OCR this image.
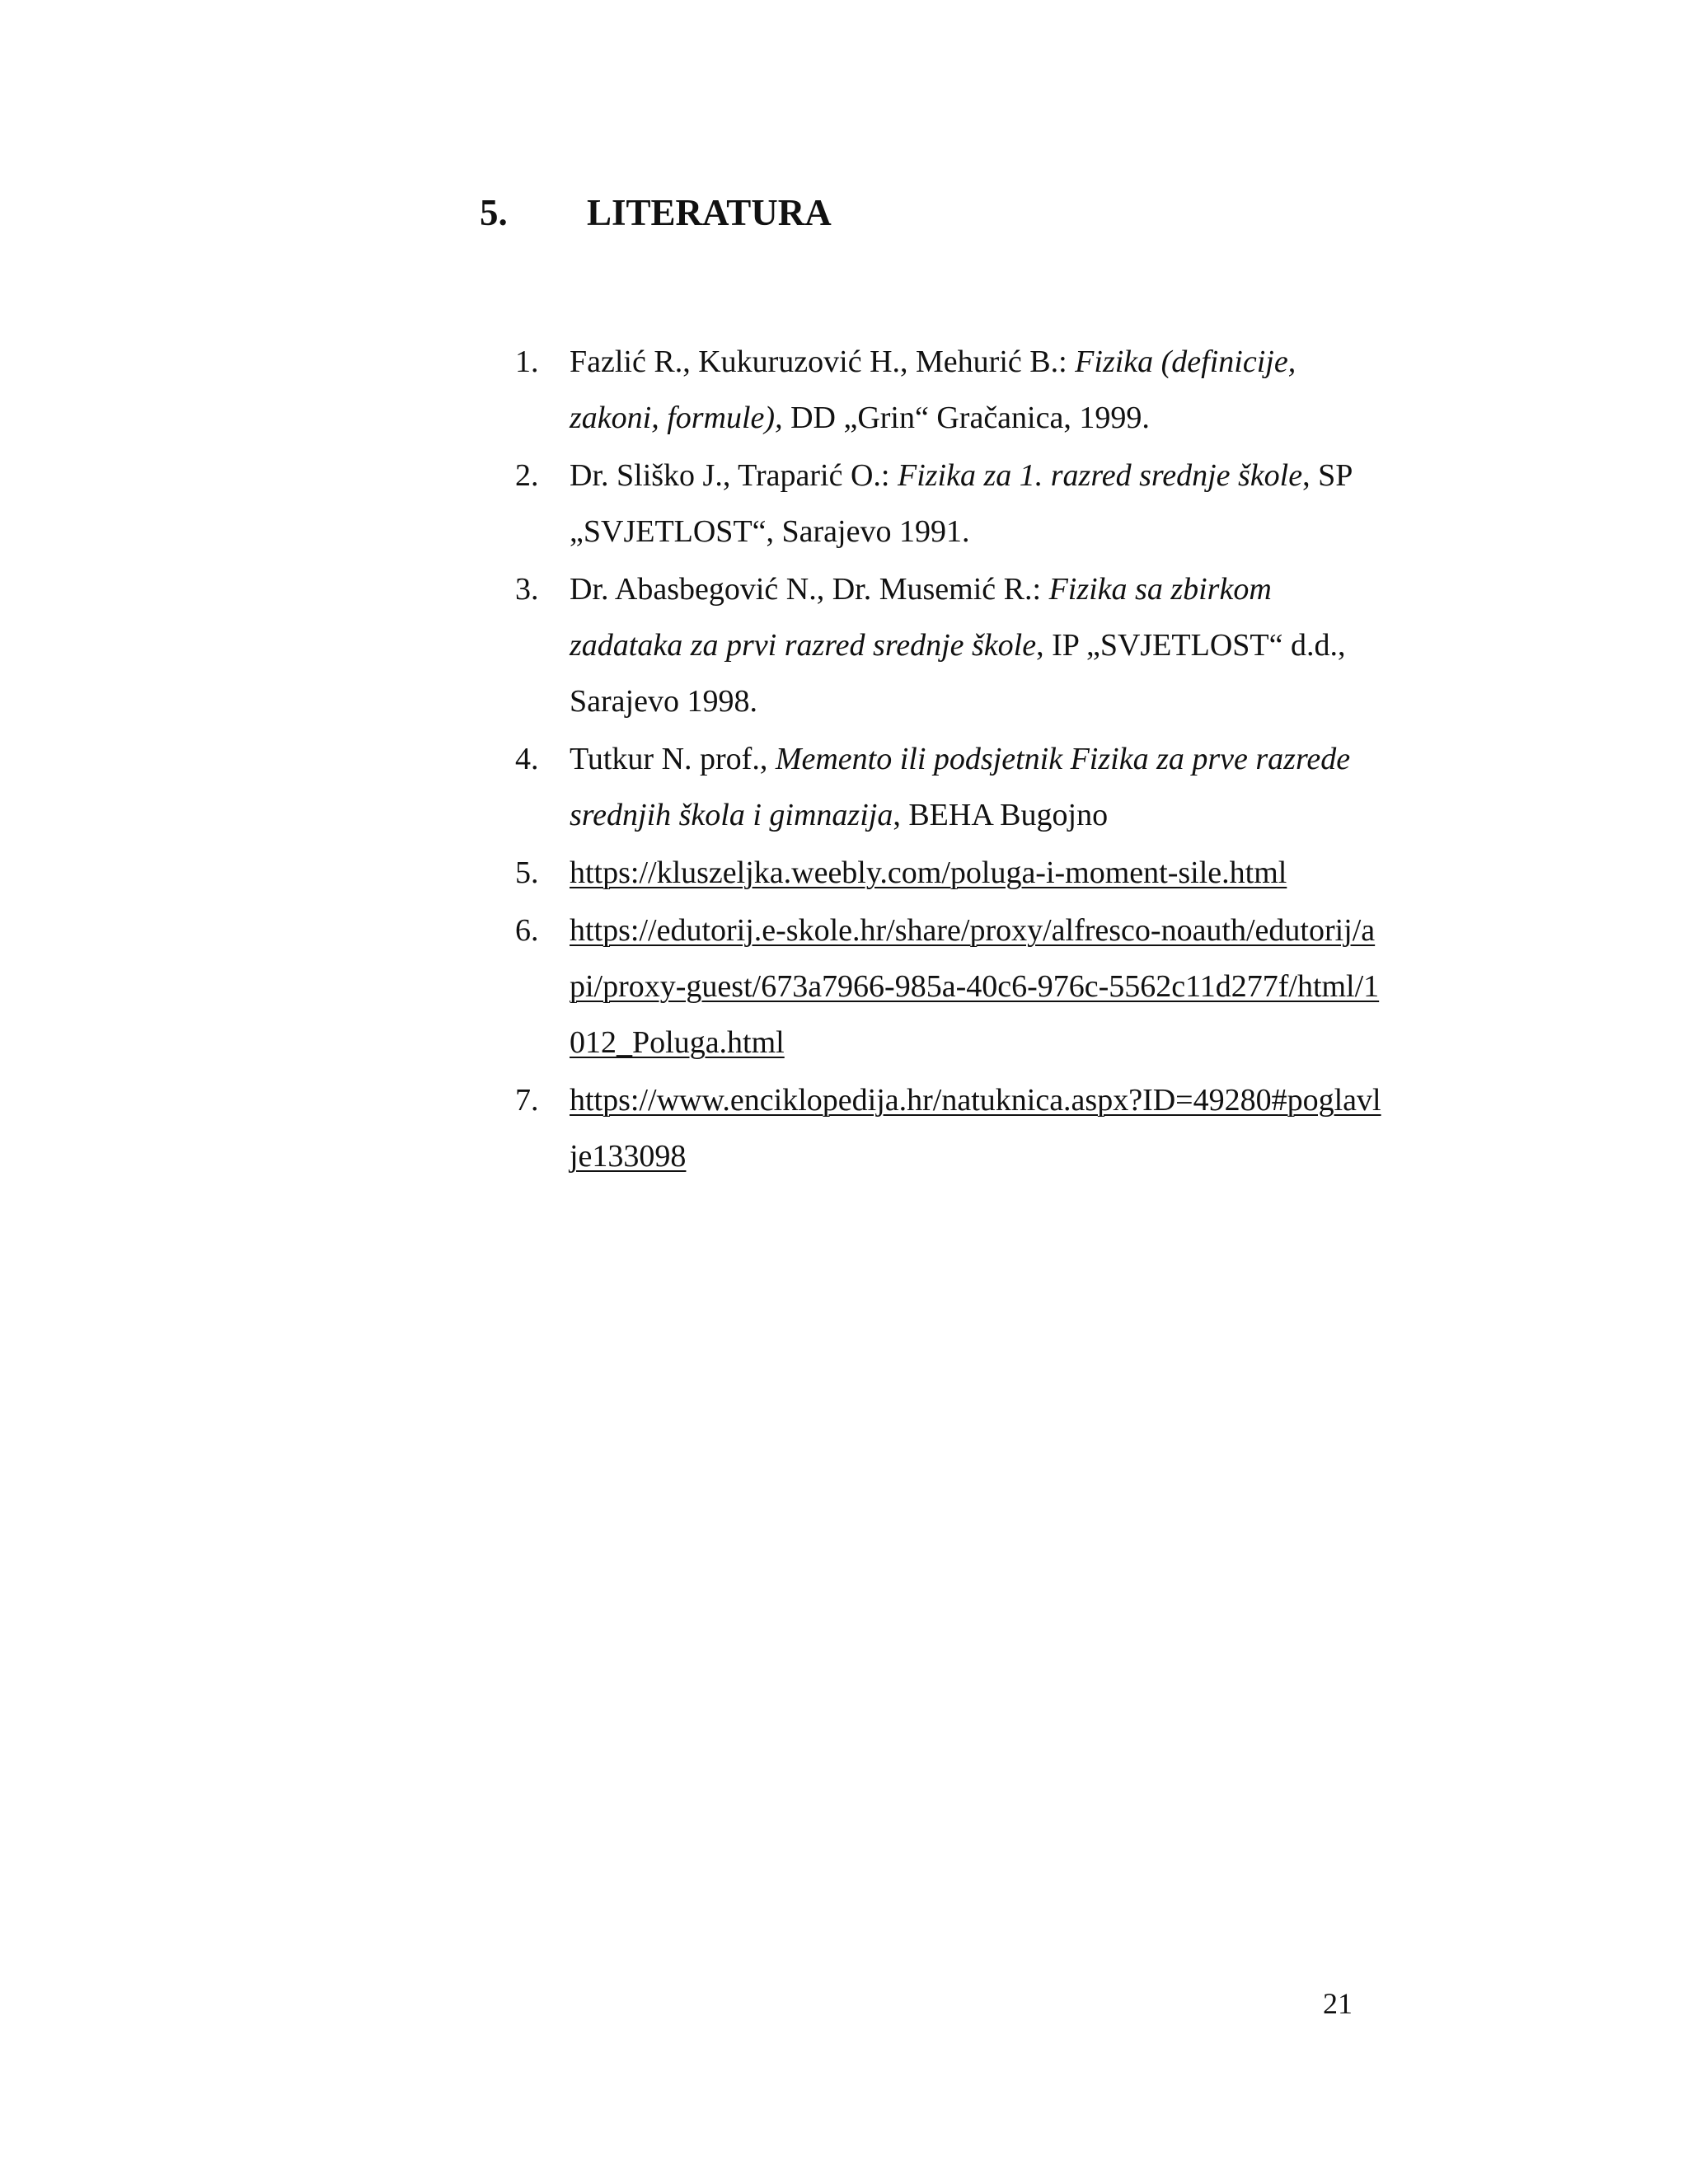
5. LITERATURA
1. Fazlić R., Kukuruzović H., Mehurić B.: Fizika (definicije, zakoni, formule), DD „Grin“ Gračanica, 1999.
2. Dr. Sliško J., Traparić O.: Fizika za 1. razred srednje škole, SP „SVJETLOST“, Sarajevo 1991.
3. Dr. Abasbegović N., Dr. Musemić R.: Fizika sa zbirkom zadataka za prvi razred srednje škole, IP „SVJETLOST“ d.d., Sarajevo 1998.
4. Tutkur N. prof., Memento ili podsjetnik Fizika za prve razrede srednjih škola i gimnazija, BEHA Bugojno
5. https://kluszeljka.weebly.com/poluga-i-moment-sile.html
6. https://edutorij.e-skole.hr/share/proxy/alfresco-noauth/edutorij/api/proxy-guest/673a7966-985a-40c6-976c-5562c11d277f/html/1012_Poluga.html
7. https://www.enciklopedija.hr/natuknica.aspx?ID=49280#poglavlje133098
21
